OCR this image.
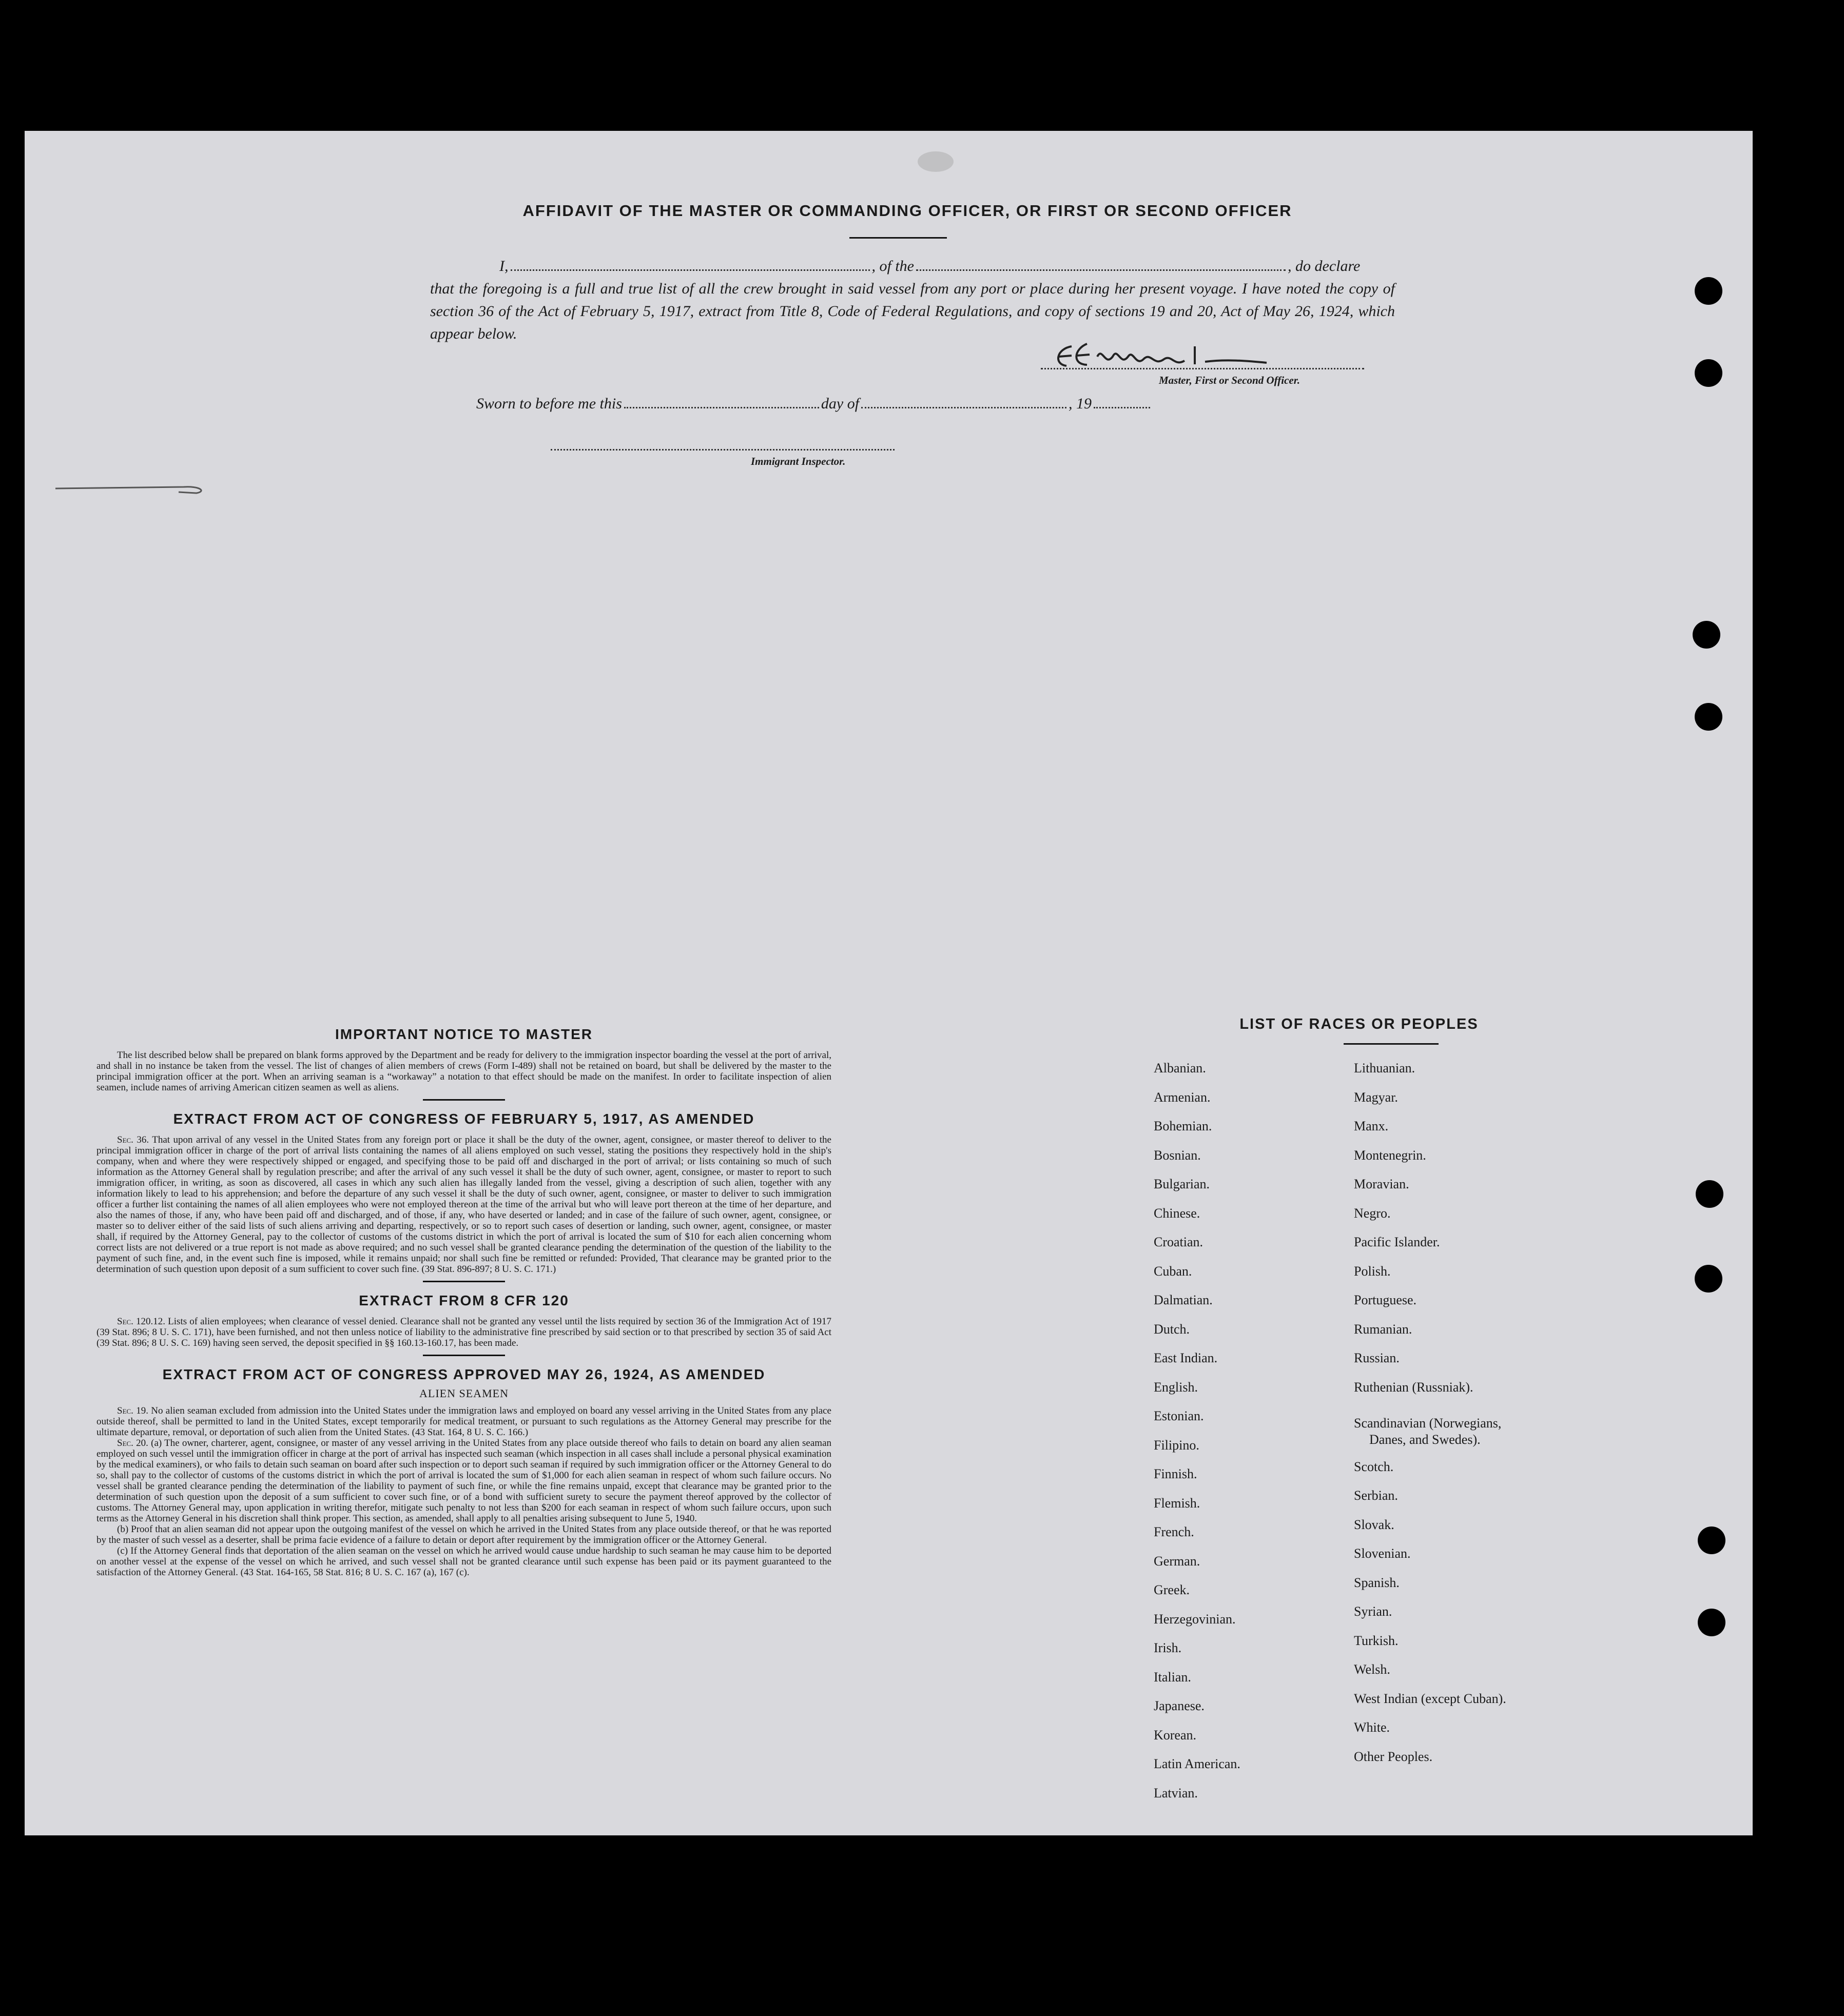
AFFIDAVIT OF THE MASTER OR COMMANDING OFFICER, OR FIRST OR SECOND OFFICER
I,	, of the	, do declare
that the foregoing is a full and true list of all the crew brought in said vessel from any port or place during her present voyage. I have noted the copy of section 36 of the Act of February 5, 1917, extract from Title 8, Code of Federal Regulations, and copy of sections 19 and 20, Act of May 26, 1924, which appear below.
Master, First or Second Officer.
Sworn to before me this	day of	, 19
Immigrant Inspector.
IMPORTANT NOTICE TO MASTER

The list described below shall be prepared on blank forms approved by the Department and be ready for delivery to the immigration inspector boarding the vessel at the port of arrival, and shall in no instance be taken from the vessel. The list of changes of alien members of crews (Form I-489) shall not be retained on board, but shall be delivered by the master to the principal immigration officer at the port. When an arriving seaman is a “workaway” a notation to that effect should be made on the manifest. In order to facilitate inspection of alien seamen, include names of arriving American citizen seamen as well as aliens.

EXTRACT FROM ACT OF CONGRESS OF FEBRUARY 5, 1917, AS AMENDED

Sec. 36. That upon arrival of any vessel in the United States from any foreign port or place it shall be the duty of the owner, agent, consignee, or master thereof to deliver to the principal immigration officer in charge of the port of arrival lists containing the names of all aliens employed on such vessel, stating the positions they respectively hold in the ship's company, when and where they were respectively shipped or engaged, and specifying those to be paid off and discharged in the port of arrival; or lists containing so much of such information as the Attorney General shall by regulation prescribe; and after the arrival of any such vessel it shall be the duty of such owner, agent, consignee, or master to report to such immigration officer, in writing, as soon as discovered, all cases in which any such alien has illegally landed from the vessel, giving a description of such alien, together with any information likely to lead to his apprehension; and before the departure of any such vessel it shall be the duty of such owner, agent, consignee, or master to deliver to such immigration officer a further list containing the names of all alien employees who were not employed thereon at the time of the arrival but who will leave port thereon at the time of her departure, and also the names of those, if any, who have been paid off and discharged, and of those, if any, who have deserted or landed; and in case of the failure of such owner, agent, consignee, or master so to deliver either of the said lists of such aliens arriving and departing, respectively, or so to report such cases of desertion or landing, such owner, agent, consignee, or master shall, if required by the Attorney General, pay to the collector of customs of the customs district in which the port of arrival is located the sum of $10 for each alien concerning whom correct lists are not delivered or a true report is not made as above required; and no such vessel shall be granted clearance pending the determination of the question of the liability to the payment of such fine, and, in the event such fine is imposed, while it remains unpaid; nor shall such fine be remitted or refunded: Provided, That clearance may be granted prior to the determination of such question upon deposit of a sum sufficient to cover such fine. (39 Stat. 896-897; 8 U. S. C. 171.)

EXTRACT FROM 8 CFR 120

Sec. 120.12. Lists of alien employees; when clearance of vessel denied. Clearance shall not be granted any vessel until the lists required by section 36 of the Immigration Act of 1917 (39 Stat. 896; 8 U. S. C. 171), have been furnished, and not then unless notice of liability to the administrative fine prescribed by said section or to that prescribed by section 35 of said Act (39 Stat. 896; 8 U. S. C. 169) having seen served, the deposit specified in §§ 160.13-160.17, has been made.

EXTRACT FROM ACT OF CONGRESS APPROVED MAY 26, 1924, AS AMENDED
ALIEN SEAMEN

Sec. 19. No alien seaman excluded from admission into the United States under the immigration laws and employed on board any vessel arriving in the United States from any place outside thereof, shall be permitted to land in the United States, except temporarily for medical treatment, or pursuant to such regulations as the Attorney General may prescribe for the ultimate departure, removal, or deportation of such alien from the United States. (43 Stat. 164, 8 U. S. C. 166.)

Sec. 20. (a) The owner, charterer, agent, consignee, or master of any vessel arriving in the United States from any place outside thereof who fails to detain on board any alien seaman employed on such vessel until the immigration officer in charge at the port of arrival has inspected such seaman (which inspection in all cases shall include a personal physical examination by the medical examiners), or who fails to detain such seaman on board after such inspection or to deport such seaman if required by such immigration officer or the Attorney General to do so, shall pay to the collector of customs of the customs district in which the port of arrival is located the sum of $1,000 for each alien seaman in respect of whom such failure occurs. No vessel shall be granted clearance pending the determination of the liability to payment of such fine, or while the fine remains unpaid, except that clearance may be granted prior to the determination of such question upon the deposit of a sum sufficient to cover such fine, or of a bond with sufficient surety to secure the payment thereof approved by the collector of customs. The Attorney General may, upon application in writing therefor, mitigate such penalty to not less than $200 for each seaman in respect of whom such failure occurs, upon such terms as the Attorney General in his discretion shall think proper. This section, as amended, shall apply to all penalties arising subsequent to June 5, 1940.

(b) Proof that an alien seaman did not appear upon the outgoing manifest of the vessel on which he arrived in the United States from any place outside thereof, or that he was reported by the master of such vessel as a deserter, shall be prima facie evidence of a failure to detain or deport after requirement by the immigration officer or the Attorney General.

(c) If the Attorney General finds that deportation of the alien seaman on the vessel on which he arrived would cause undue hardship to such seaman he may cause him to be deported on another vessel at the expense of the vessel on which he arrived, and such vessel shall not be granted clearance until such expense has been paid or its payment guaranteed to the satisfaction of the Attorney General. (43 Stat. 164-165, 58 Stat. 816; 8 U. S. C. 167 (a), 167 (c).

LIST OF RACES OR PEOPLES
Albanian.
Armenian.
Bohemian.
Bosnian.
Bulgarian.
Chinese.
Croatian.
Cuban.
Dalmatian.
Dutch.
East Indian.
English.
Estonian.
Filipino.
Finnish.
Flemish.
French.
German.
Greek.
Herzegovinian.
Irish.
Italian.
Japanese.
Korean.
Latin American.
Latvian.
Lithuanian.
Magyar.
Manx.
Montenegrin.
Moravian.
Negro.
Pacific Islander.
Polish.
Portuguese.
Rumanian.
Russian.
Ruthenian (Russniak).
Scandinavian (Norwegians,
Danes, and Swedes).
Scotch.
Serbian.
Slovak.
Slovenian.
Spanish.
Syrian.
Turkish.
Welsh.
West Indian (except Cuban).
White.
Other Peoples.
